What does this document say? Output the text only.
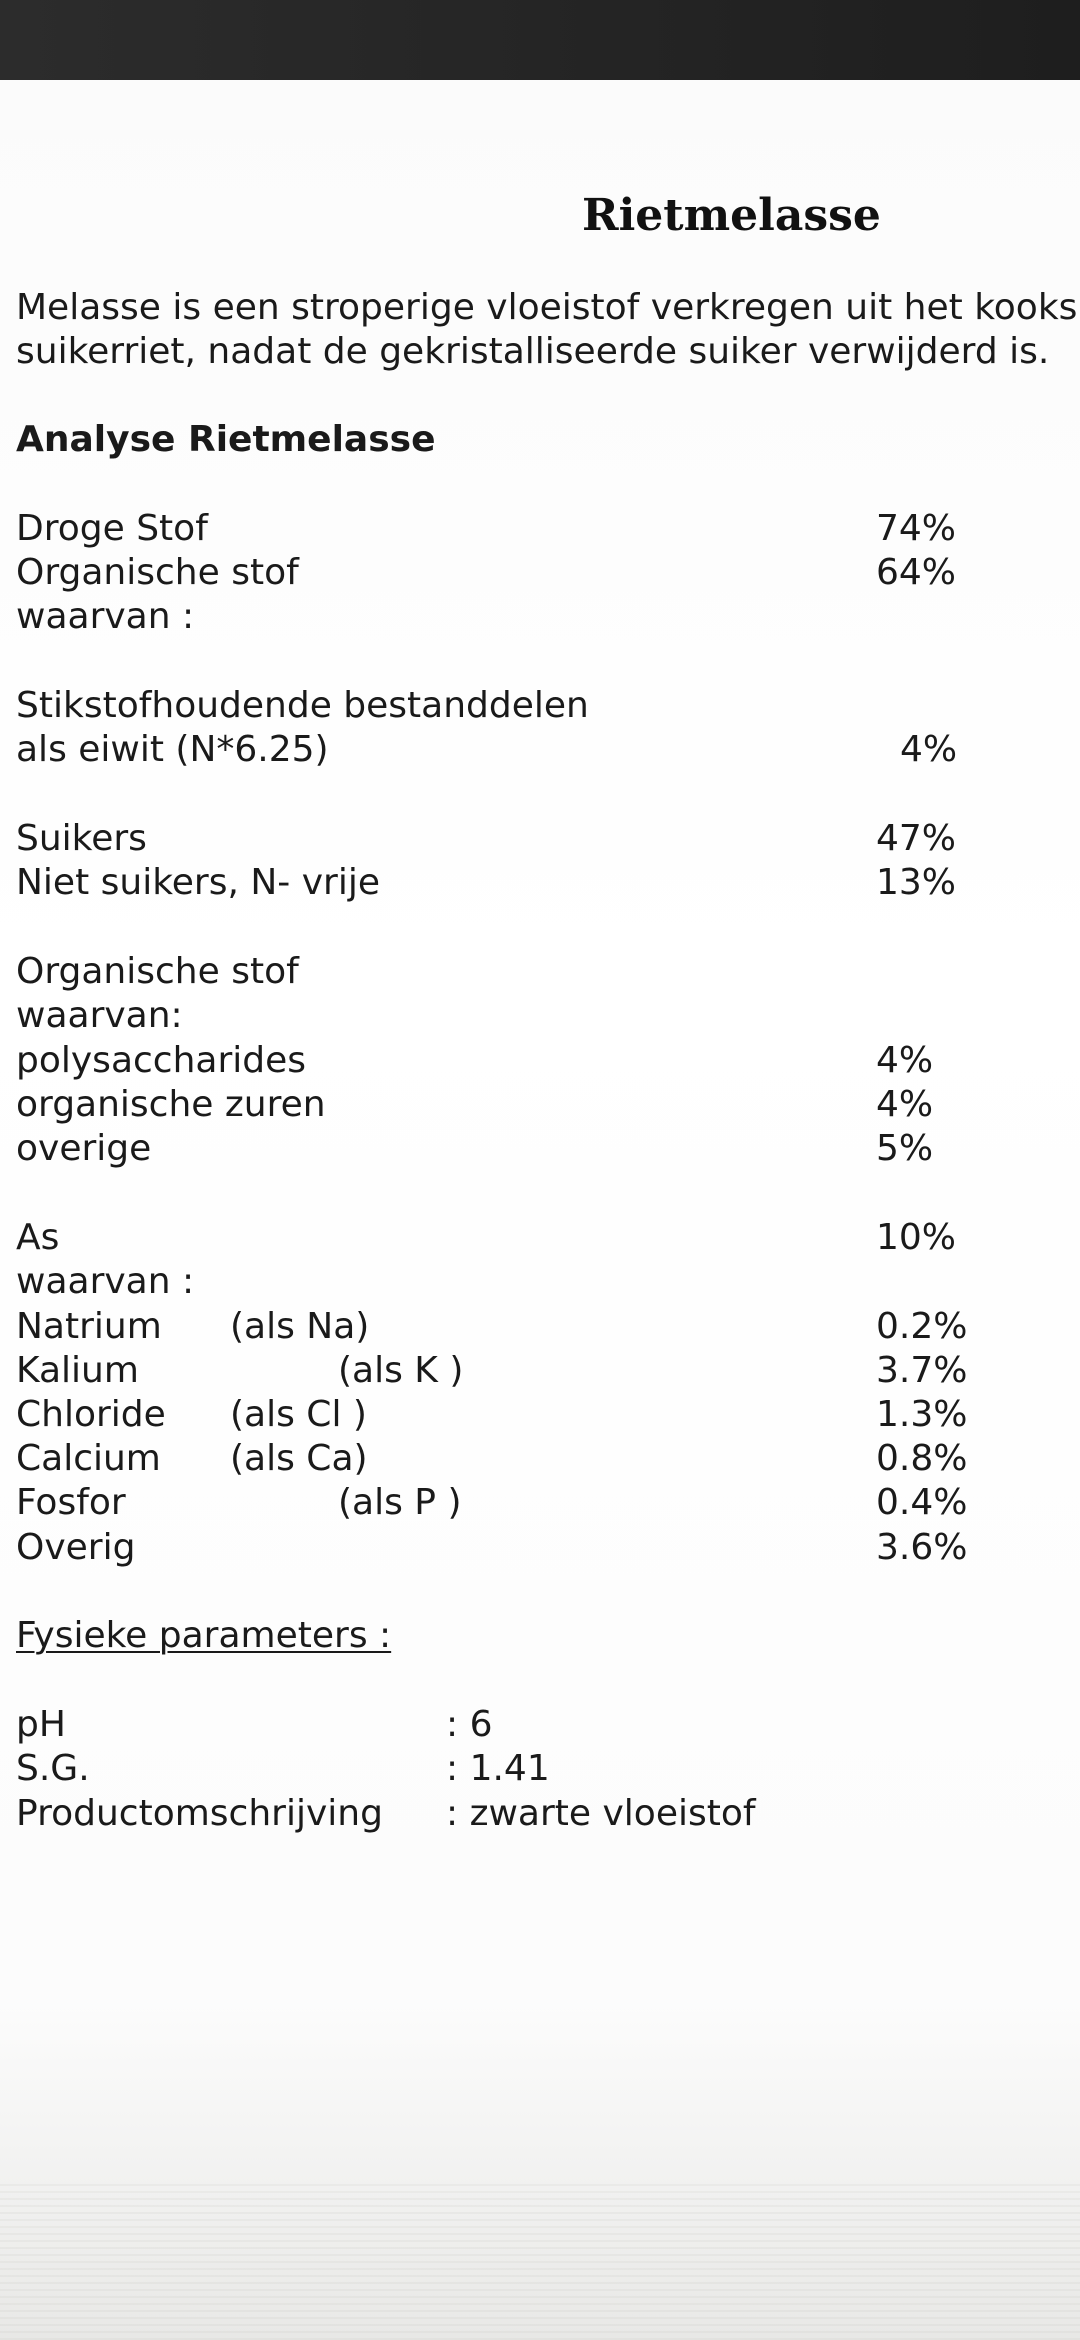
Rietmelasse
Melasse is een stroperige vloeistof verkregen uit het kooks
suikerriet, nadat de gekristalliseerde suiker verwijderd is.
Analyse Rietmelasse
Droge Stof	74%
Organische stof	64%
waarvan :
Stikstofhoudende bestanddelen
als eiwit (N*6.25)	4%
Suikers	47%
Niet suikers, N- vrije	13%
Organische stof
waarvan:
polysaccharides	4%
organische zuren	4%
overige	5%
As	10%
waarvan :
Natrium (als Na)	0.2%
Kalium	(als K )	3.7%
Chloride (als Cl )	1.3%
Calcium (als Ca)	0.8%
Fosfor	(als P )	0.4%
Overig	3.6%
Fysieke parameters :
pH	: 6
S.G.	: 1.41
Productomschrijving : zwarte vloeistof
